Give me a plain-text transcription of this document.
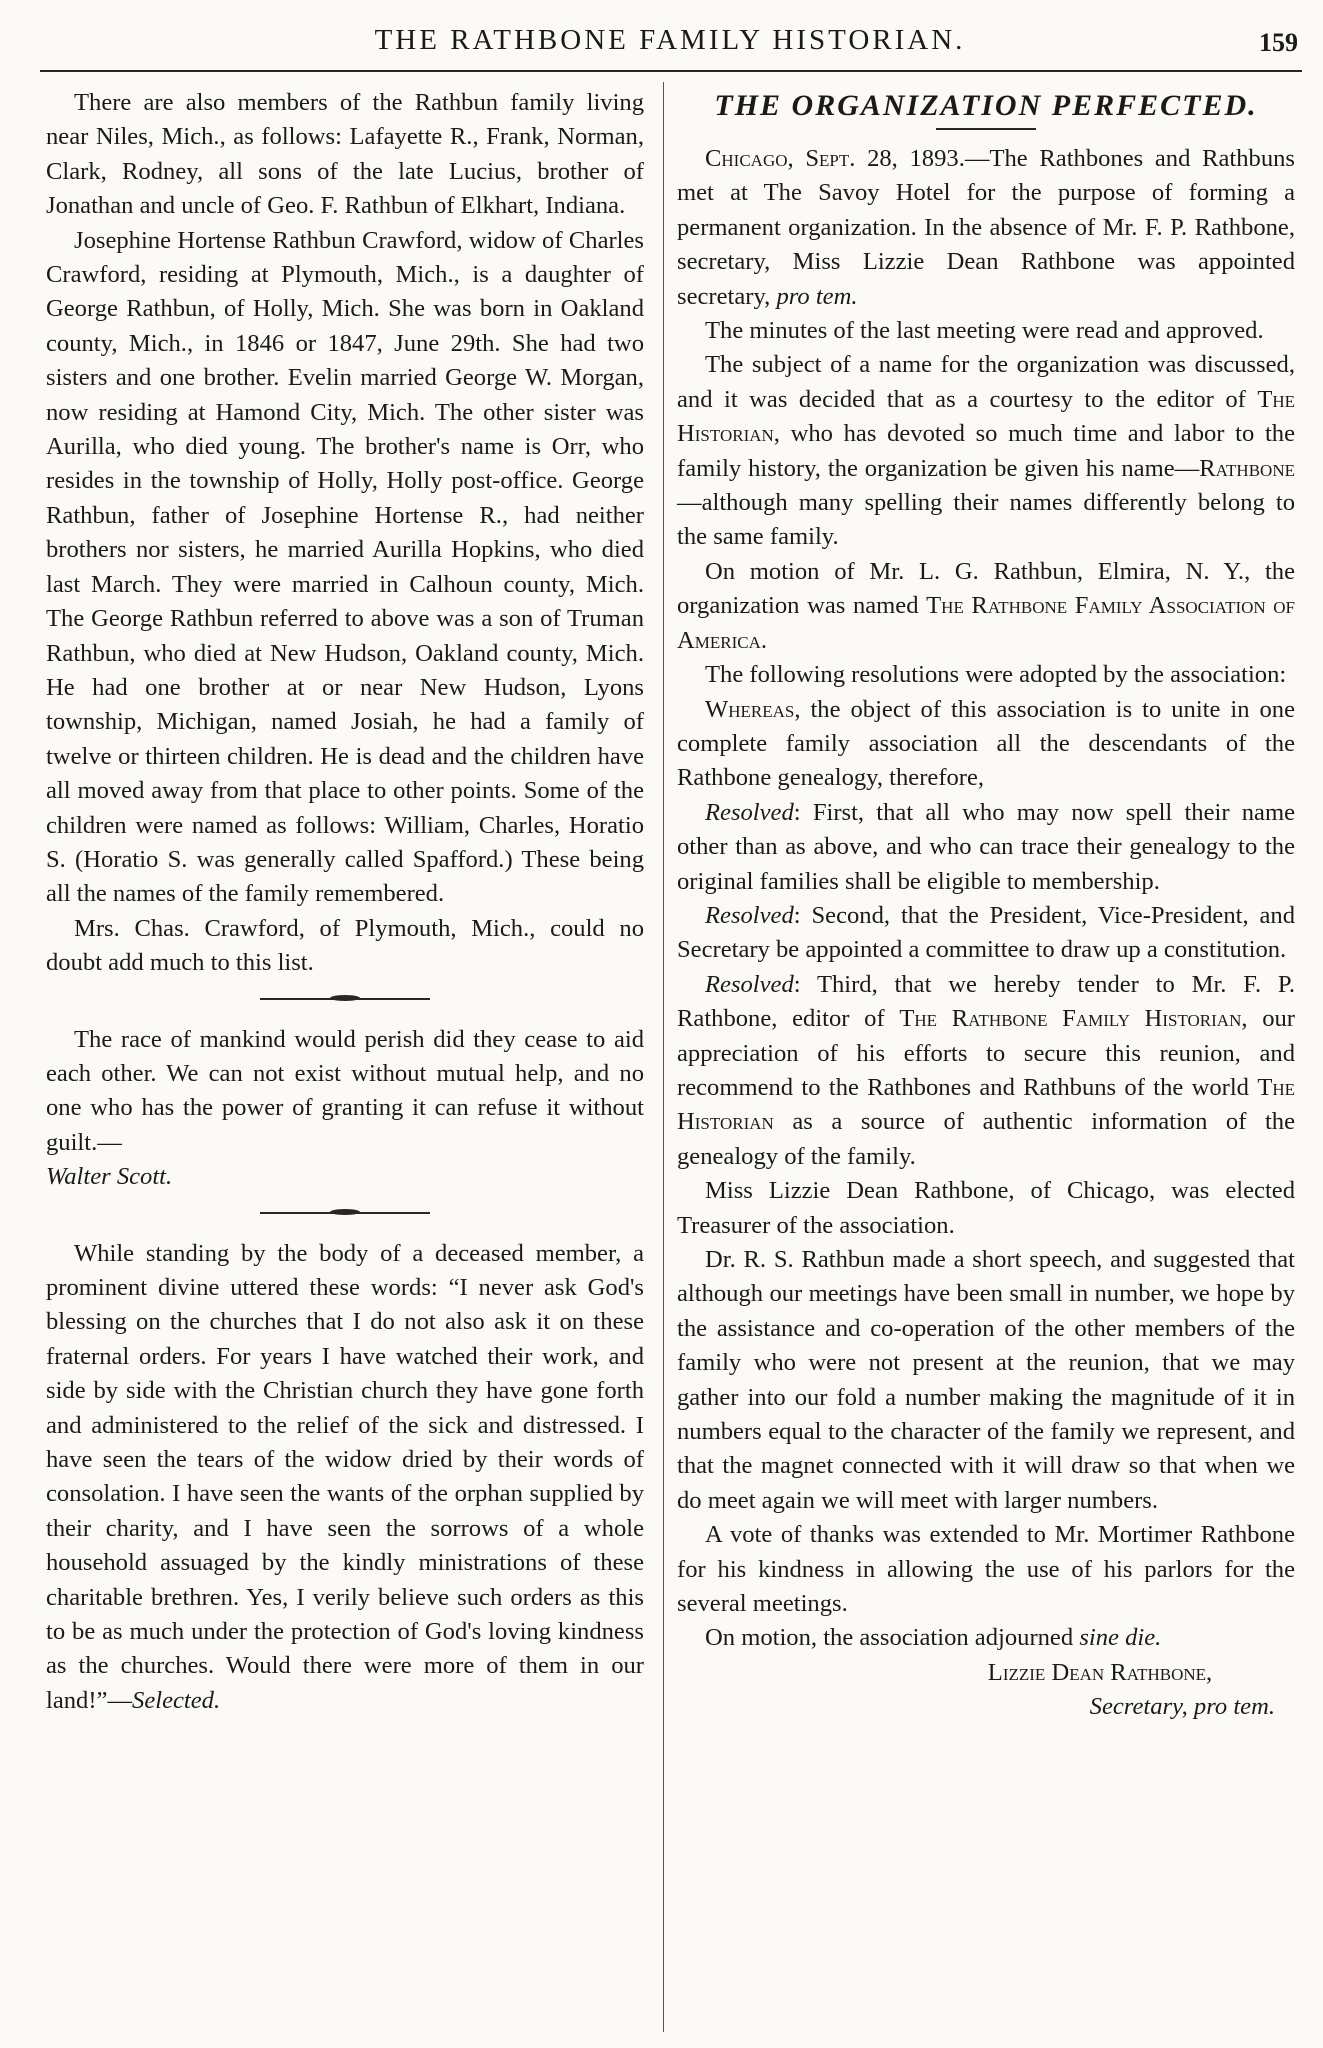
THE RATHBONE FAMILY HISTORIAN.	159

There are also members of the Rathbun family living near Niles, Mich., as follows: Lafayette R., Frank, Norman, Clark, Rodney, all sons of the late Lucius, brother of Jonathan and uncle of Geo. F. Rathbun of Elkhart, Indiana.

Josephine Hortense Rathbun Crawford, widow of Charles Crawford, residing at Plymouth, Mich., is a daughter of George Rathbun, of Holly, Mich. She was born in Oakland county, Mich., in 1846 or 1847, June 29th. She had two sisters and one brother. Evelin married George W. Morgan, now residing at Hamond City, Mich. The other sister was Aurilla, who died young. The brother's name is Orr, who resides in the township of Holly, Holly post-office. George Rathbun, father of Josephine Hortense R., had neither brothers nor sisters, he married Aurilla Hopkins, who died last March. They were married in Calhoun county, Mich. The George Rathbun referred to above was a son of Truman Rathbun, who died at New Hudson, Oakland county, Mich. He had one brother at or near New Hudson, Lyons township, Michigan, named Josiah, he had a family of twelve or thirteen children. He is dead and the children have all moved away from that place to other points. Some of the children were named as follows: William, Charles, Horatio S. (Horatio S. was generally called Spafford.) These being all the names of the family remembered.

Mrs. Chas. Crawford, of Plymouth, Mich., could no doubt add much to this list.

The race of mankind would perish did they cease to aid each other. We can not exist without mutual help, and no one who has the power of granting it can refuse it without guilt.—
Walter Scott.

While standing by the body of a deceased member, a prominent divine uttered these words: “I never ask God's blessing on the churches that I do not also ask it on these fraternal orders. For years I have watched their work, and side by side with the Christian church they have gone forth and administered to the relief of the sick and distressed. I have seen the tears of the widow dried by their words of consolation. I have seen the wants of the orphan supplied by their charity, and I have seen the sorrows of a whole household assuaged by the kindly ministrations of these charitable brethren. Yes, I verily believe such orders as this to be as much under the protection of God's loving kindness as the churches. Would there were more of them in our land!”—Selected.

THE ORGANIZATION PERFECTED.

Chicago, Sept. 28, 1893.—The Rathbones and Rathbuns met at The Savoy Hotel for the purpose of forming a permanent organization. In the absence of Mr. F. P. Rathbone, secretary, Miss Lizzie Dean Rathbone was appointed secretary, pro tem.

The minutes of the last meeting were read and approved.

The subject of a name for the organization was discussed, and it was decided that as a courtesy to the editor of The Historian, who has devoted so much time and labor to the family history, the organization be given his name—Rathbone—although many spelling their names differently belong to the same family.

On motion of Mr. L. G. Rathbun, Elmira, N. Y., the organization was named The Rathbone Family Association of America.

The following resolutions were adopted by the association:

Whereas, the object of this association is to unite in one complete family association all the descendants of the Rathbone genealogy, therefore,

Resolved: First, that all who may now spell their name other than as above, and who can trace their genealogy to the original families shall be eligible to membership.

Resolved: Second, that the President, Vice-President, and Secretary be appointed a committee to draw up a constitution.

Resolved: Third, that we hereby tender to Mr. F. P. Rathbone, editor of The Rathbone Family Historian, our appreciation of his efforts to secure this reunion, and recommend to the Rathbones and Rathbuns of the world The Historian as a source of authentic information of the genealogy of the family.

Miss Lizzie Dean Rathbone, of Chicago, was elected Treasurer of the association.

Dr. R. S. Rathbun made a short speech, and suggested that although our meetings have been small in number, we hope by the assistance and co-operation of the other members of the family who were not present at the reunion, that we may gather into our fold a number making the magnitude of it in numbers equal to the character of the family we represent, and that the magnet connected with it will draw so that when we do meet again we will meet with larger numbers.

A vote of thanks was extended to Mr. Mortimer Rathbone for his kindness in allowing the use of his parlors for the several meetings.

On motion, the association adjourned sine die.

Lizzie Dean Rathbone,
Secretary, pro tem.
